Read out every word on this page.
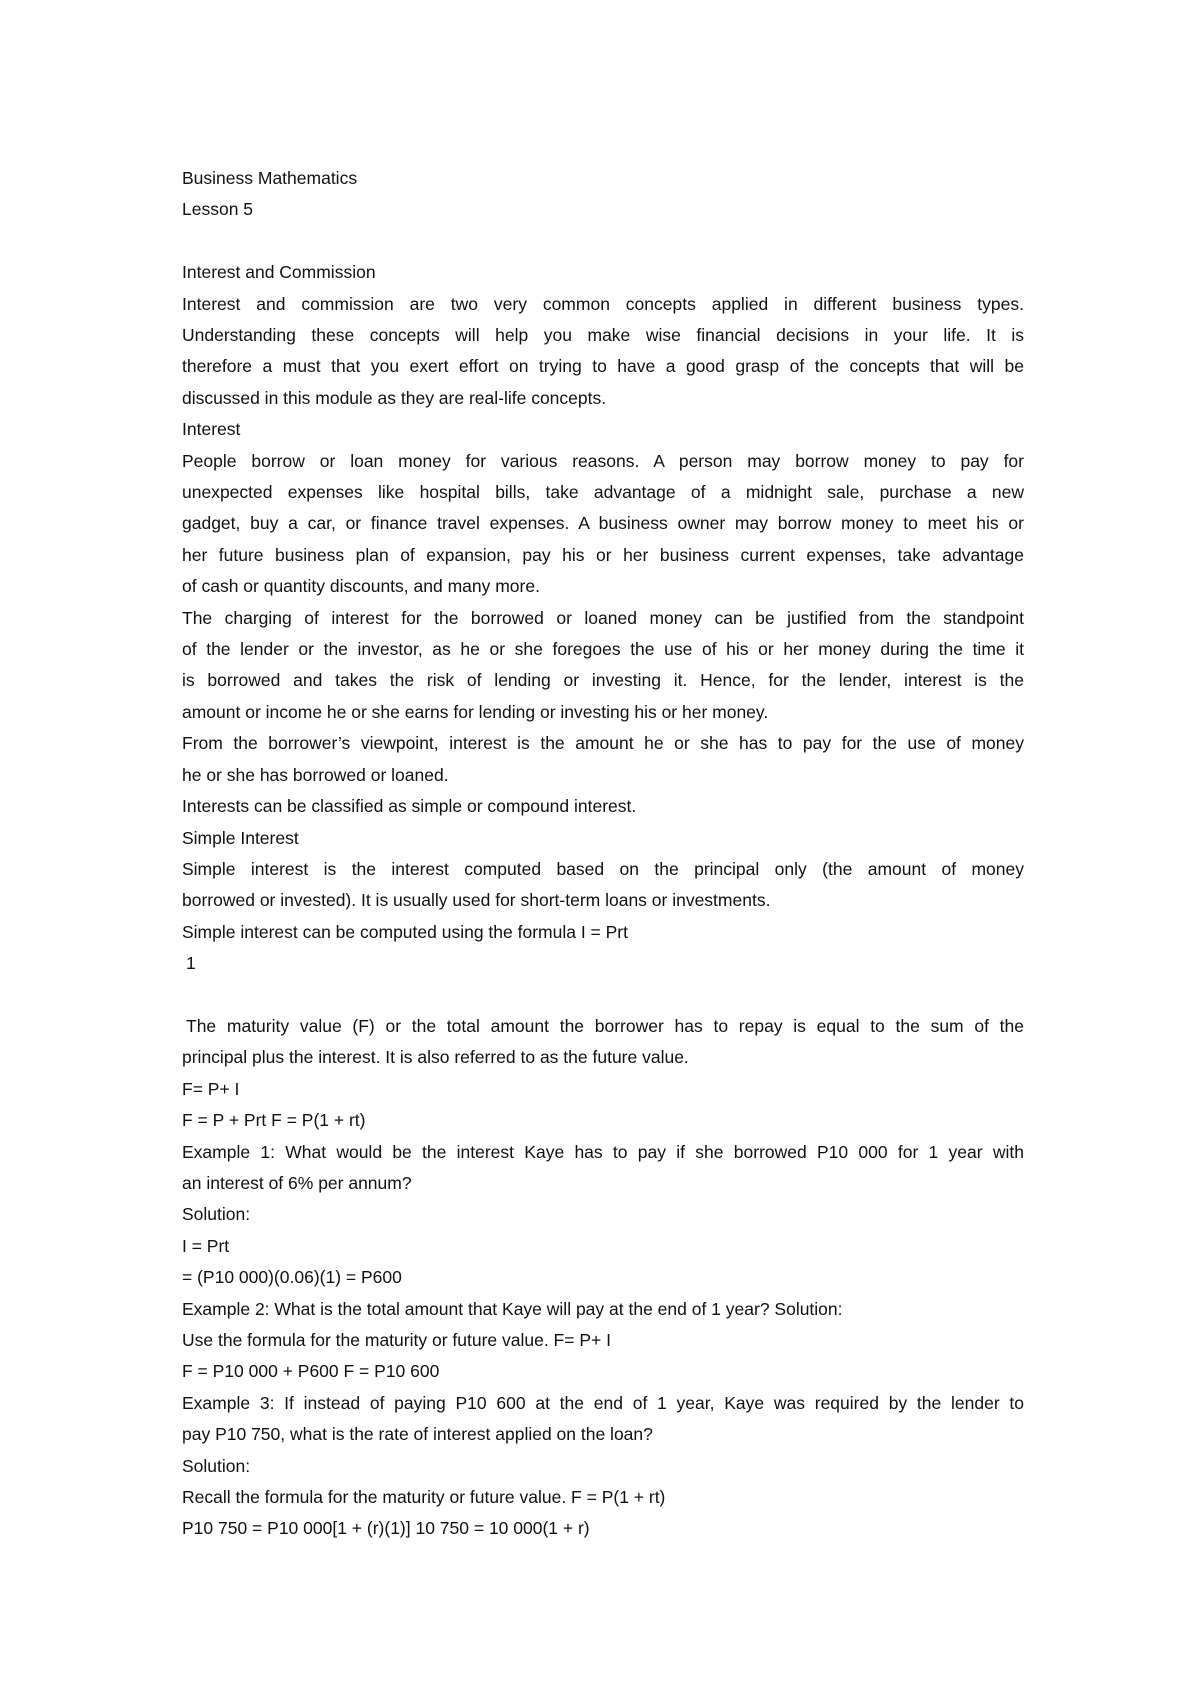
Business Mathematics
Lesson 5
Interest and Commission
Interest and commission are two very common concepts applied in different business types.
Understanding these concepts will help you make wise financial decisions in your life. It is
therefore a must that you exert effort on trying to have a good grasp of the concepts that will be
discussed in this module as they are real-life concepts.
Interest
People borrow or loan money for various reasons. A person may borrow money to pay for
unexpected expenses like hospital bills, take advantage of a midnight sale, purchase a new
gadget, buy a car, or finance travel expenses. A business owner may borrow money to meet his or
her future business plan of expansion, pay his or her business current expenses, take advantage
of cash or quantity discounts, and many more.
The charging of interest for the borrowed or loaned money can be justified from the standpoint
of the lender or the investor, as he or she foregoes the use of his or her money during the time it
is borrowed and takes the risk of lending or investing it. Hence, for the lender, interest is the
amount or income he or she earns for lending or investing his or her money.
From the borrower’s viewpoint, interest is the amount he or she has to pay for the use of money
he or she has borrowed or loaned.
Interests can be classified as simple or compound interest.
Simple Interest
Simple interest is the interest computed based on the principal only (the amount of money
borrowed or invested). It is usually used for short-term loans or investments.
Simple interest can be computed using the formula I = Prt
1
The maturity value (F) or the total amount the borrower has to repay is equal to the sum of the
principal plus the interest. It is also referred to as the future value.
F= P+ I
F = P + Prt F = P(1 + rt)
Example 1: What would be the interest Kaye has to pay if she borrowed P10 000 for 1 year with
an interest of 6% per annum?
Solution:
I = Prt
= (P10 000)(0.06)(1) = P600
Example 2: What is the total amount that Kaye will pay at the end of 1 year? Solution:
Use the formula for the maturity or future value. F= P+ I
F = P10 000 + P600 F = P10 600
Example 3: If instead of paying P10 600 at the end of 1 year, Kaye was required by the lender to
pay P10 750, what is the rate of interest applied on the loan?
Solution:
Recall the formula for the maturity or future value. F = P(1 + rt)
P10 750 = P10 000[1 + (r)(1)] 10 750 = 10 000(1 + r)
